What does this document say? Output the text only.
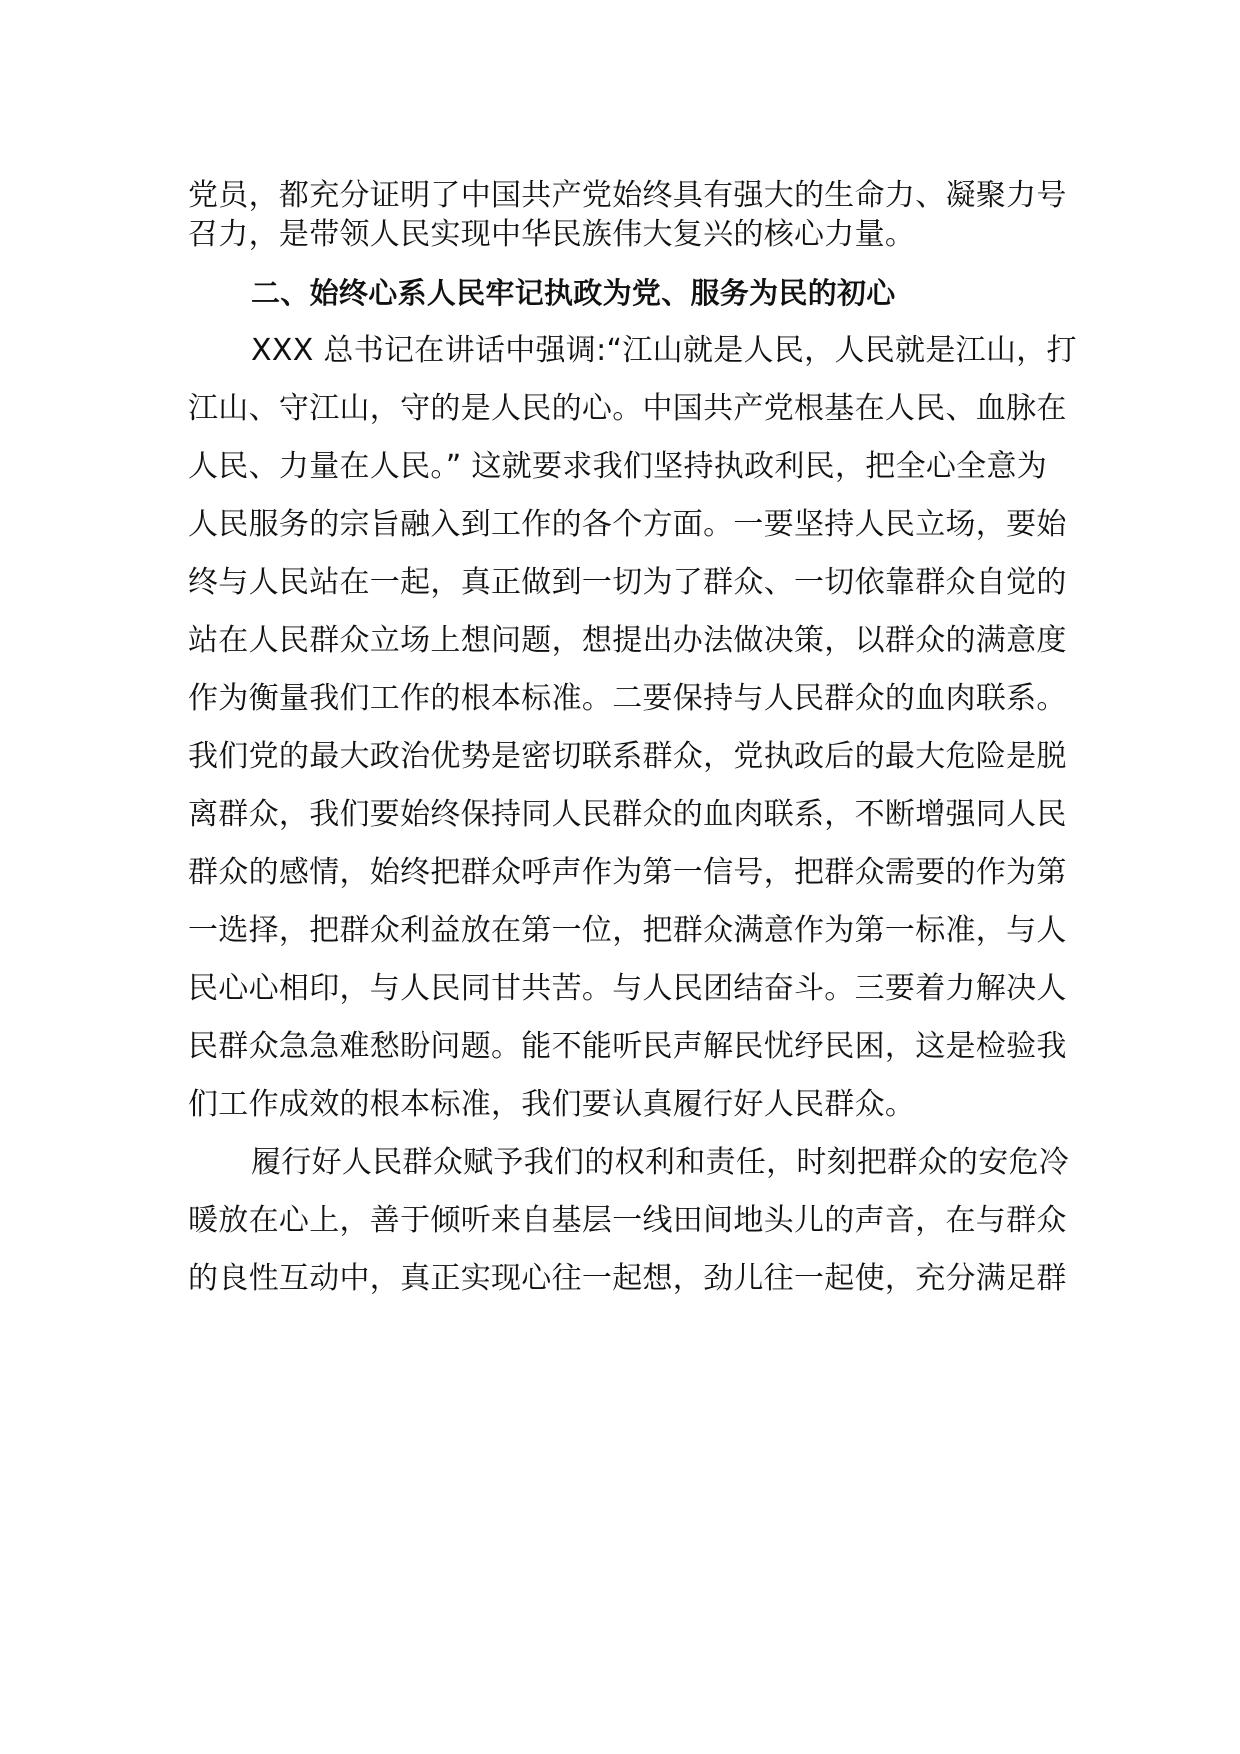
党员，都充分证明了中国共产党始终具有强大的生命力、凝聚力号
召力，是带领人民实现中华民族伟大复兴的核心力量。
二、始终心系人民牢记执政为党、服务为民的初心
XXX 总书记在讲话中强调:“江山就是人民，人民就是江山，打
江山、守江山，守的是人民的心。中国共产党根基在人民、血脉在
人民、力量在人民。” 这就要求我们坚持执政利民，把全心全意为
人民服务的宗旨融入到工作的各个方面。一要坚持人民立场，要始
终与人民站在一起，真正做到一切为了群众、一切依靠群众自觉的
站在人民群众立场上想问题，想提出办法做决策，以群众的满意度
作为衡量我们工作的根本标准。二要保持与人民群众的血肉联系。
我们党的最大政治优势是密切联系群众，党执政后的最大危险是脱
离群众，我们要始终保持同人民群众的血肉联系，不断增强同人民
群众的感情，始终把群众呼声作为第一信号，把群众需要的作为第
一选择，把群众利益放在第一位，把群众满意作为第一标准，与人
民心心相印，与人民同甘共苦。与人民团结奋斗。三要着力解决人
民群众急急难愁盼问题。能不能听民声解民忧纾民困，这是检验我
们工作成效的根本标准，我们要认真履行好人民群众。
履行好人民群众赋予我们的权利和责任，时刻把群众的安危冷
暖放在心上，善于倾听来自基层一线田间地头儿的声音，在与群众
的良性互动中，真正实现心往一起想，劲儿往一起使，充分满足群
